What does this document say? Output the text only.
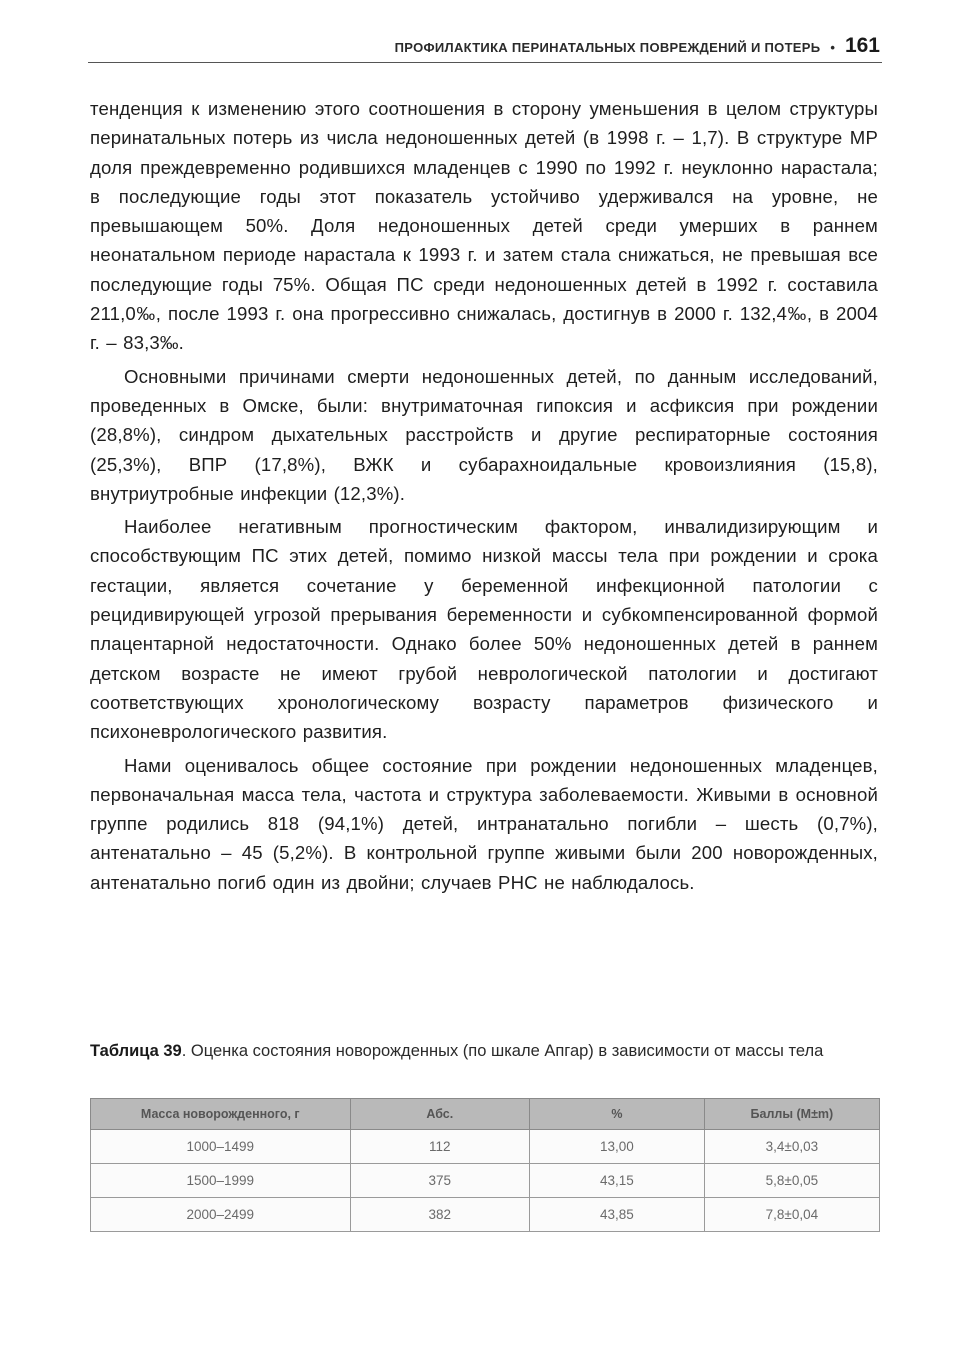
ПРОФИЛАКТИКА ПЕРИНАТАЛЬНЫХ ПОВРЕЖДЕНИЙ И ПОТЕРЬ • 161

тенденция к изменению этого соотношения в сторону уменьшения в целом структуры перинатальных потерь из числа недоношенных детей (в 1998 г. – 1,7). В структуре МР доля преждевременно родившихся младенцев с 1990 по 1992 г. неуклонно нарастала; в последующие годы этот показатель устойчиво удерживался на уровне, не превышающем 50%. Доля недоношенных детей среди умерших в раннем неонатальном периоде нарастала к 1993 г. и затем стала снижаться, не превышая все последующие годы 75%. Общая ПС среди недоношенных детей в 1992 г. составила 211,0‰, после 1993 г. она прогрессивно снижалась, достигнув в 2000 г. 132,4‰, в 2004 г. – 83,3‰.

Основными причинами смерти недоношенных детей, по данным исследований, проведенных в Омске, были: внутриматочная гипоксия и асфиксия при рождении (28,8%), синдром дыхательных расстройств и другие респираторные состояния (25,3%), ВПР (17,8%), ВЖК и субарахноидальные кровоизлияния (15,8), внутриутробные инфекции (12,3%).

Наиболее негативным прогностическим фактором, инвалидизирующим и способствующим ПС этих детей, помимо низкой массы тела при рождении и срока гестации, является сочетание у беременной инфекционной патологии с рецидивирующей угрозой прерывания беременности и субкомпенсированной формой плацентарной недостаточности. Однако более 50% недоношенных детей в раннем детском возрасте не имеют грубой неврологической патологии и достигают соответствующих хронологическому возрасту параметров физического и психоневрологического развития.

Нами оценивалось общее состояние при рождении недоношенных младенцев, первоначальная масса тела, частота и структура заболеваемости. Живыми в основной группе родились 818 (94,1%) детей, интранатально погибли – шесть (0,7%), антенатально – 45 (5,2%). В контрольной группе живыми были 200 новорожденных, антенатально погиб один из двойни; случаев РНС не наблюдалось.

Таблица 39. Оценка состояния новорожденных (по шкале Апгар) в зависимости от массы тела
Масса новорожденного, г	Абс.	%	Баллы (M±m)
1000–1499	112	13,00	3,4±0,03
1500–1999	375	43,15	5,8±0,05
2000–2499	382	43,85	7,8±0,04
